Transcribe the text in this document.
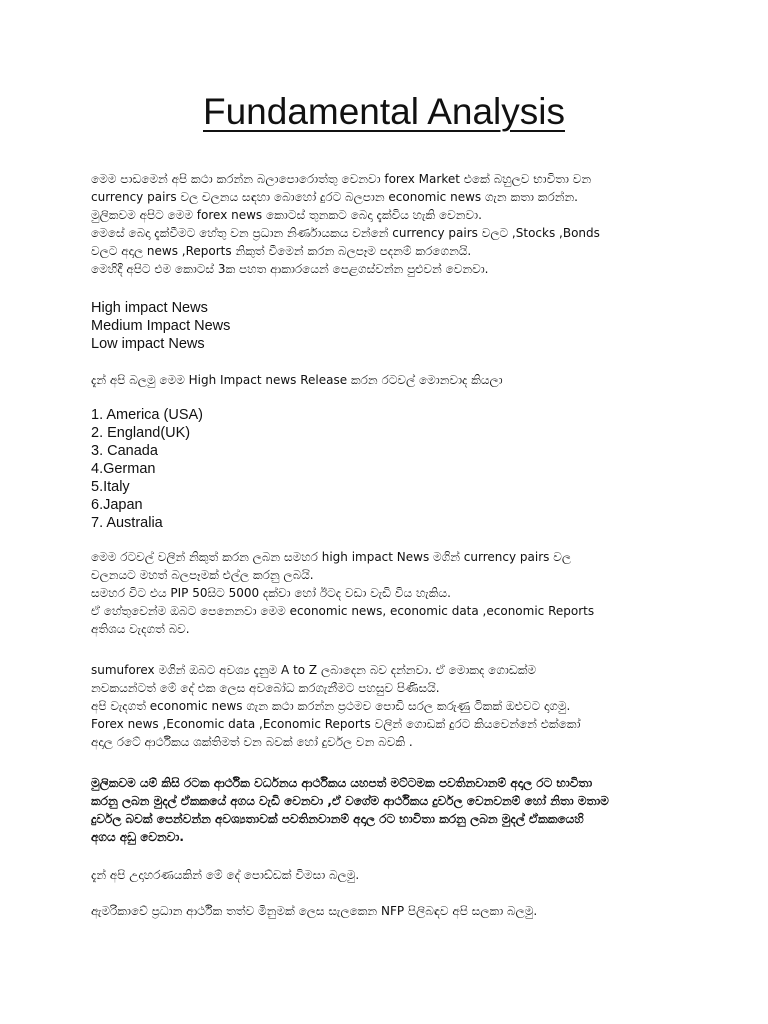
Fundamental Analysis
මෙම පාඩමෙන් අපි කථා කරන්න බලාපොරොත්තු වෙනවා forex Market එකේ බහුලව භාවිතා වන
currency pairs වල චලනය සඳහා බොහෝ දුරට බලපාන economic news ගැන කතා කරන්න.
මුලිකවම අපිට මෙම forex news කොටස් තුනකට බෙදා දැක්විය හැකි වෙනවා.
මෙසේ බෙදා දැක්වීමට හේතු වන ප්‍රධාන නිර්ණායකය වන්නේ currency pairs වලට ,Stocks ,Bonds
වලට අදාල news ,Reports නිකුත් වීමෙන් කරන බලපෑම පදනම් කරගෙනයි.
මෙහිදී අපිට එම කොටස් 3ක පහත ආකාරයෙන් පෙළගස්වන්න පුළුවන් වෙනවා.
High impact News
Medium Impact News
Low impact News
දැන් අපි බලමු මෙම High Impact news Release කරන රටවල් මොනවාද කියලා
1. America (USA)
2. England(UK)
3. Canada
4.German
5.Italy
6.Japan
7. Australia
මෙම රටවල් වලින් නිකුත් කරන ලබන සමහර high impact News මගින් currency pairs වල
චලනයට මහත් බලපෑමක් එල්ල කරනු ලබයි.
සමහර විට එය PIP 50සිට 5000 දක්වා හෝ ඊටද වඩා වැඩි විය හැකිය.
ඒ හේතුවෙන්ම ඔබට පෙනෙනවා මෙම economic news, economic data ,economic Reports
අතිශය වැදගත් බව.
sumuforex මගින් ඔබට අවශ්‍ය දැනුම A to Z ලබාදෙන බව දන්නවා. ඒ මොකද ගොඩක්ම
නවකයන්ටත් මේ දේ එක ලෙස අවබෝධ කරගැනීමට පහසුව පිණිසයි.
අපි වැදගත් economic news ගැන කථා කරන්න ප්‍රථමව පොඩි සරල කරුණු ටිකක් ඔළුවට දාගමු.
Forex news ,Economic data ,Economic Reports වලින් ගොඩක් දුරට කියවෙන්නේ එක්කෝ
අදාල රටේ ආර්ථිකය ශක්තිමත් වන බවක් හෝ දුර්වල වන බවකි .
මුලිකවම යම් කිසි රටක ආර්ථික වර්ධනය ආර්ථිකය යහපත් මට්ටමක පවතිනවානම් අදාල රට භාවිතා
කරනු ලබන මුදල් ඒකකයේ අගය වැඩි වෙනවා ,ඒ වගේම ආර්ථිකය දුර්වල වෙනවනම් හෝ නිතා මතාම
දුර්වල බවක් පෙන්වන්න අවශ්‍යතාවක් පවතිනවානම් අදාල රට භාවිතා කරනු ලබන මුදල් ඒකකයෙහි
අගය අඩු වෙනවා.
දැන් අපි උදාහරණයකින් මේ දේ පොඩ්ඩක් විමසා බලමු.
ඇමරිකාවේ ප්‍රධාන ආර්ථික තත්ව මිනුමක් ලෙස සැලකෙන NFP පිලිබඳව අපි සලකා බලමු.
